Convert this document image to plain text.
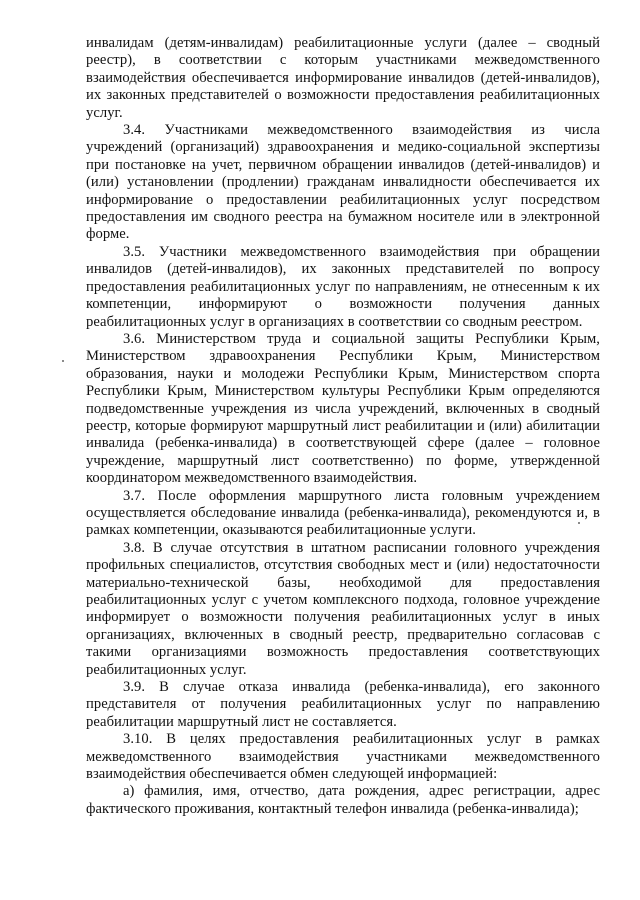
инвалидам (детям-инвалидам) реабилитационные услуги (далее – сводный реестр), в соответствии с которым участниками межведомственного взаимодействия обеспечивается информирование инвалидов (детей-инвалидов), их законных представителей о возможности предоставления реабилитационных услуг.

3.4. Участниками межведомственного взаимодействия из числа учреждений (организаций) здравоохранения и медико-социальной экспертизы при постановке на учет, первичном обращении инвалидов (детей-инвалидов) и (или) установлении (продлении) гражданам инвалидности обеспечивается их информирование о предоставлении реабилитационных услуг посредством предоставления им сводного реестра на бумажном носителе или в электронной форме.

3.5. Участники межведомственного взаимодействия при обращении инвалидов (детей-инвалидов), их законных представителей по вопросу предоставления реабилитационных услуг по направлениям, не отнесенным к их компетенции, информируют о возможности получения данных реабилитационных услуг в организациях в соответствии со сводным реестром.

3.6. Министерством труда и социальной защиты Республики Крым, Министерством здравоохранения Республики Крым, Министерством образования, науки и молодежи Республики Крым, Министерством спорта Республики Крым, Министерством культуры Республики Крым определяются подведомственные учреждения из числа учреждений, включенных в сводный реестр, которые формируют маршрутный лист реабилитации и (или) абилитации инвалида (ребенка-инвалида) в соответствующей сфере (далее – головное учреждение, маршрутный лист соответственно) по форме, утвержденной координатором межведомственного взаимодействия.

3.7. После оформления маршрутного листа головным учреждением осуществляется обследование инвалида (ребенка-инвалида), рекомендуются и, в рамках компетенции, оказываются реабилитационные услуги.

3.8. В случае отсутствия в штатном расписании головного учреждения профильных специалистов, отсутствия свободных мест и (или) недостаточности материально-технической базы, необходимой для предоставления реабилитационных услуг с учетом комплексного подхода, головное учреждение информирует о возможности получения реабилитационных услуг в иных организациях, включенных в сводный реестр, предварительно согласовав с такими организациями возможность предоставления соответствующих реабилитационных услуг.

3.9. В случае отказа инвалида (ребенка-инвалида), его законного представителя от получения реабилитационных услуг по направлению реабилитации маршрутный лист не составляется.

3.10. В целях предоставления реабилитационных услуг в рамках межведомственного взаимодействия участниками межведомственного взаимодействия обеспечивается обмен следующей информацией:

а) фамилия, имя, отчество, дата рождения, адрес регистрации, адрес фактического проживания, контактный телефон инвалида (ребенка-инвалида);
